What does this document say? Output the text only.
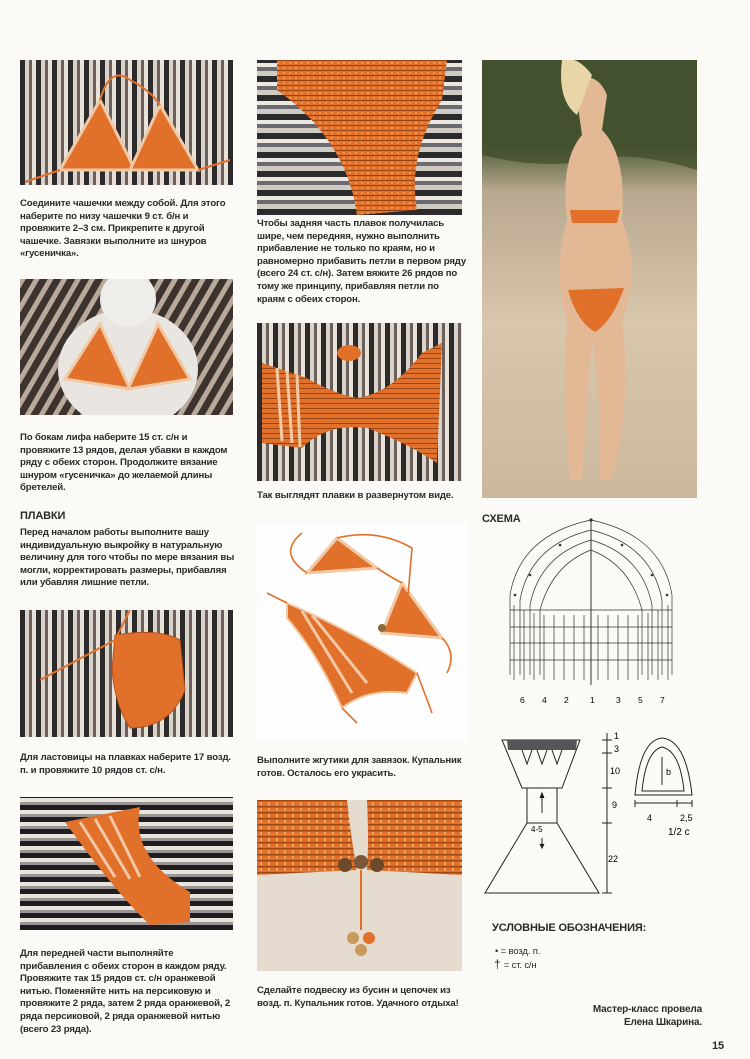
Соедините чашечки между собой. Для этого наберите по низу чашечки 9 ст. б/н и провяжите 2–3 см. Прикрепите к другой чашечке. Завязки выполните из шнуров «гусеничка».

По бокам лифа наберите 15 ст. с/н и провяжите 13 рядов, делая убавки в каждом ряду с обеих сторон. Продолжите вязание шнуром «гусеничка» до желаемой длины бретелей.

ПЛАВКИ

Перед началом работы выполните вашу индивидуальную выкройку в натуральную величину для того чтобы по мере вязания вы могли, корректировать размеры, прибавляя или убавляя лишние петли.

Для ластовицы на плавках наберите 17 возд. п. и провяжите 10 рядов ст. с/н.

Для передней части выполняйте прибавления с обеих сторон в каждом ряду. Провяжите так 15 рядов ст. с/н оранжевой нитью. Поменяйте нить на персиковую и провяжите 2 ряда, затем 2 ряда оранжевой, 2 ряда персиковой, 2 ряда оранжевой нитью (всего 23 ряда).

Чтобы задняя часть плавок получилась шире, чем передняя, нужно выполнить прибавление не только по краям, но и равномерно прибавить петли в первом ряду (всего 24 ст. с/н). Затем вяжите 26 рядов по тому же принципу, прибавляя петли по краям с обеих сторон.

Так выглядят плавки в развернутом виде.

Выполните жгутики для завязок. Купальник готов. Осталось его украсить.

Сделайте подвеску из бусин и цепочек из возд. п. Купальник готов. Удачного отдыха!

СХЕМА
6 4 2	1	3 5 7
1
3
10
9
22
4-5
b
4	2,5
1/2 c
УСЛОВНЫЕ ОБОЗНАЧЕНИЯ:
• = возд. п.
† = ст. с/н
Мастер-класс провела
Елена Шкарина.
15
